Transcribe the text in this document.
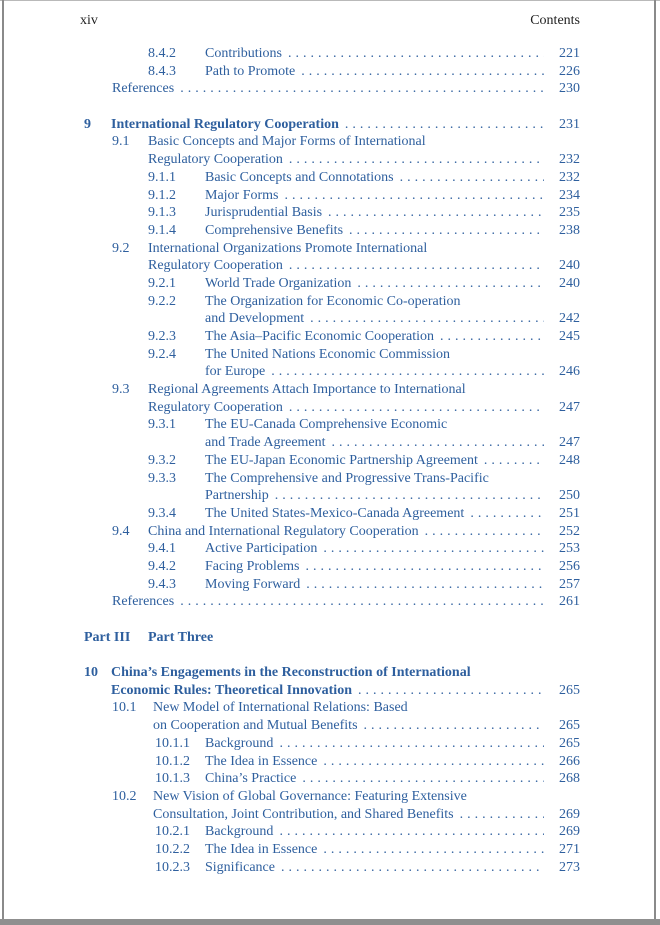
xiv	Contents
8.4.2	Contributions .....	221
8.4.3	Path to Promote .....	226
References .....	230
9	International Regulatory Cooperation .....	231
9.1	Basic Concepts and Major Forms of International
Regulatory Cooperation .....	232
9.1.1	Basic Concepts and Connotations .....	232
9.1.2	Major Forms .....	234
9.1.3	Jurisprudential Basis .....	235
9.1.4	Comprehensive Benefits .....	238
9.2	International Organizations Promote International
Regulatory Cooperation .....	240
9.2.1	World Trade Organization .....	240
9.2.2	The Organization for Economic Co-operation
and Development .....	242
9.2.3	The Asia–Pacific Economic Cooperation .....	245
9.2.4	The United Nations Economic Commission
for Europe .....	246
9.3	Regional Agreements Attach Importance to International
Regulatory Cooperation .....	247
9.3.1	The EU-Canada Comprehensive Economic
and Trade Agreement .....	247
9.3.2	The EU-Japan Economic Partnership Agreement .....	248
9.3.3	The Comprehensive and Progressive Trans-Pacific
Partnership .....	250
9.3.4	The United States-Mexico-Canada Agreement .....	251
9.4	China and International Regulatory Cooperation .....	252
9.4.1	Active Participation .....	253
9.4.2	Facing Problems .....	256
9.4.3	Moving Forward .....	257
References .....	261
Part III	Part Three
10 China’s Engagements in the Reconstruction of International
Economic Rules: Theoretical Innovation .....	265
10.1	New Model of International Relations: Based
on Cooperation and Mutual Benefits .....	265
10.1.1	Background .....	265
10.1.2	The Idea in Essence .....	266
10.1.3	China’s Practice .....	268
10.2	New Vision of Global Governance: Featuring Extensive
Consultation, Joint Contribution, and Shared Benefits .....	269
10.2.1	Background .....	269
10.2.2	The Idea in Essence .....	271
10.2.3	Significance .....	273
